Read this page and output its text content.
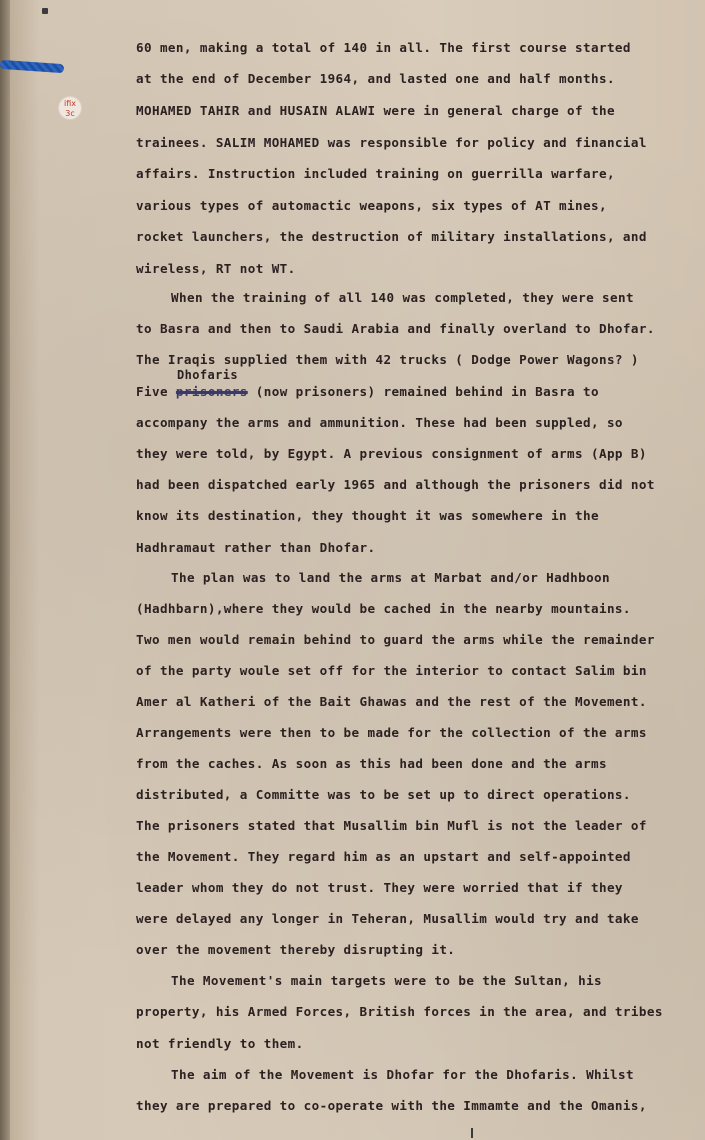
ifix 3c
60 men, making a total of 140 in all. The first course started
at the end of December 1964, and lasted one and half months.
MOHAMED TAHIR and HUSAIN ALAWI were in general charge of the
trainees. SALIM MOHAMED was responsible for policy and financial
affairs. Instruction included training on guerrilla warfare,
various types of automactic weapons, six types of AT mines,
rocket launchers, the destruction of military installations, and
wireless, RT not WT.
When the training of all 140 was completed, they were sent
to Basra and then to Saudi Arabia and finally overland to Dhofar.
The Iraqis supplied them with 42 trucks ( Dodge Power Wagons? )
Dhofaris
Five prisoners (now prisoners) remained behind in Basra to
accompany the arms and ammunition. These had been suppled, so
they were told, by Egypt. A previous consignment of arms (App B)
had been dispatched early 1965 and although the prisoners did not
know its destination, they thought it was somewhere in the
Hadhramaut rather than Dhofar.
The plan was to land the arms at Marbat and/or Hadhboon
(Hadhbarn),where they would be cached in the nearby mountains.
Two men would remain behind to guard the arms while the remainder
of the party woule set off for the interior to contact Salim bin
Amer al Katheri of the Bait Ghawas and the rest of the Movement.
Arrangements were then to be made for the collection of the arms
from the caches. As soon as this had been done and the arms
distributed, a Committe was to be set up to direct operations.
The prisoners stated that Musallim bin Mufl is not the leader of
the Movement. They regard him as an upstart and self-appointed
leader whom they do not trust. They were worried that if they
were delayed any longer in Teheran, Musallim would try and take
over the movement thereby disrupting it.
The Movement's main targets were to be the Sultan, his
property, his Armed Forces, British forces in the area, and tribes
not friendly to them.
The aim of the Movement is Dhofar for the Dhofaris. Whilst
they are prepared to co-operate with the Immamte and the Omanis,
